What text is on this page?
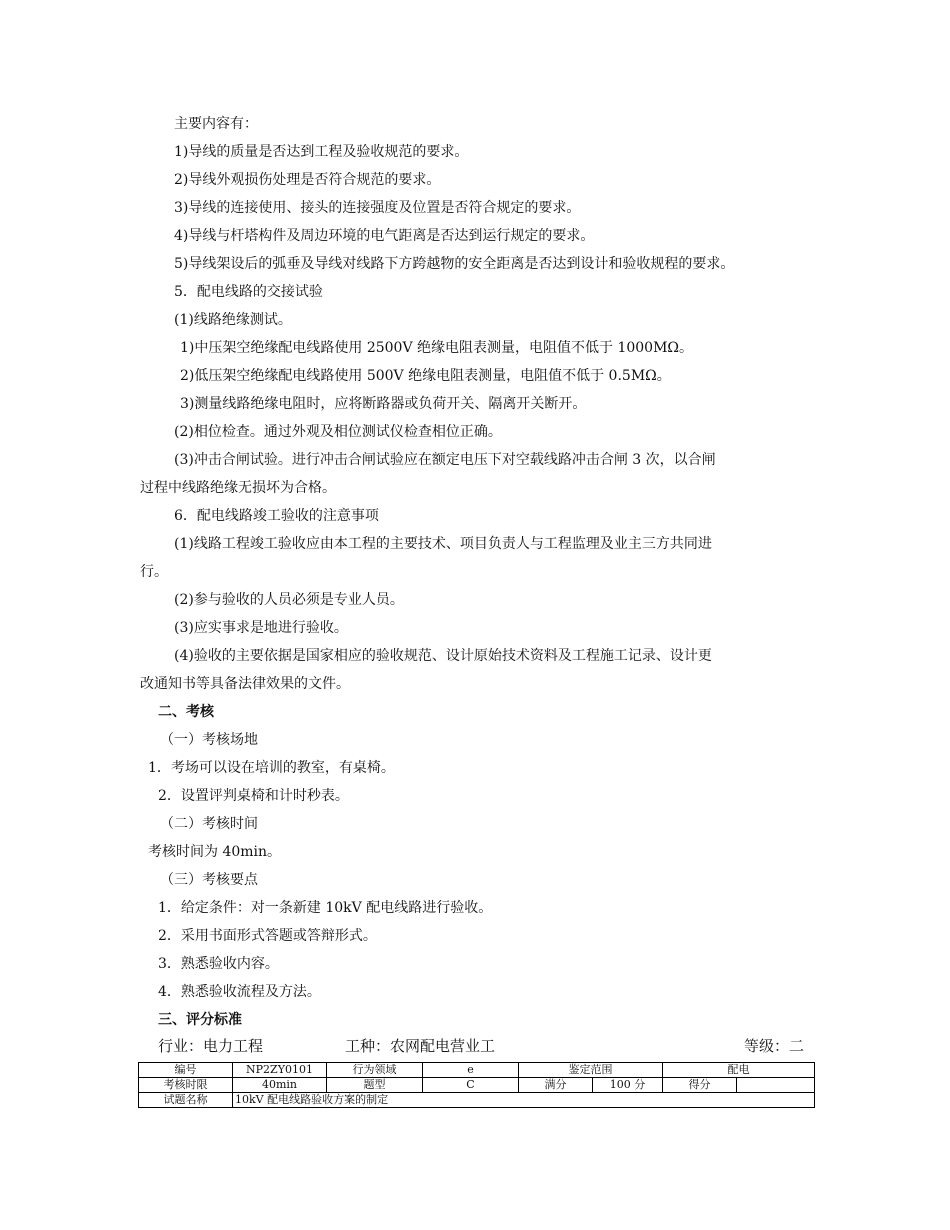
主要内容有：
1)导线的质量是否达到工程及验收规范的要求。
2)导线外观损伤处理是否符合规范的要求。
3)导线的连接使用、接头的连接强度及位置是否符合规定的要求。
4)导线与杆塔构件及周边环境的电气距离是否达到运行规定的要求。
5)导线架设后的弧垂及导线对线路下方跨越物的安全距离是否达到设计和验收规程的要求。
5．配电线路的交接试验
(1)线路绝缘测试。
1)中压架空绝缘配电线路使用 2500V 绝缘电阻表测量，电阻值不低于 1000MΩ。
2)低压架空绝缘配电线路使用 500V 绝缘电阻表测量，电阻值不低于 0.5MΩ。
3)测量线路绝缘电阻时，应将断路器或负荷开关、隔离开关断开。
(2)相位检查。通过外观及相位测试仪检查相位正确。
(3)冲击合闸试验。进行冲击合闸试验应在额定电压下对空载线路冲击合闸 3 次，以合闸
过程中线路绝缘无损坏为合格。
6．配电线路竣工验收的注意事项
(1)线路工程竣工验收应由本工程的主要技术、项目负责人与工程监理及业主三方共同进
行。
(2)参与验收的人员必须是专业人员。
(3)应实事求是地进行验收。
(4)验收的主要依据是国家相应的验收规范、设计原始技术资料及工程施工记录、设计更
改通知书等具备法律效果的文件。
二、考核
（一）考核场地
1．考场可以设在培训的教室，有桌椅。
2．设置评判桌椅和计时秒表。
（二）考核时间
考核时间为 40min。
（三）考核要点
1．给定条件：对一条新建 10kV 配电线路进行验收。
2．采用书面形式答题或答辩形式。
3．熟悉验收内容。
4．熟悉验收流程及方法。
三、评分标准
行业：电力工程	工种：农网配电营业工	等级：二
编号	NP2ZY0101	行为领域	e	鉴定范围		配电	
考核时限	40min	题型	C	满分	100 分	得分	
试题名称	10kV 配电线路验收方案的制定						
